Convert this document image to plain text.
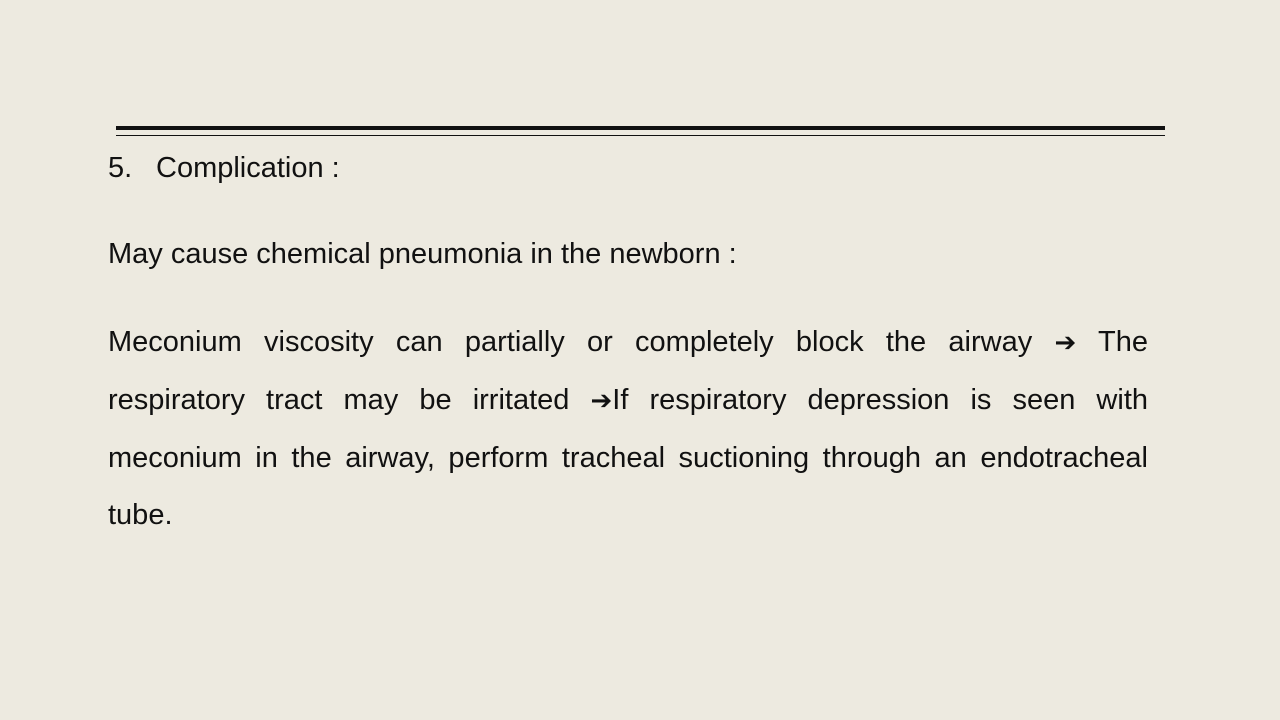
5. Complication :
May cause chemical pneumonia in the newborn :
Meconium viscosity can partially or completely block the airway ➔ The respiratory tract may be irritated ➔If respiratory depression is seen with meconium in the airway, perform tracheal suctioning through an endotracheal tube.
